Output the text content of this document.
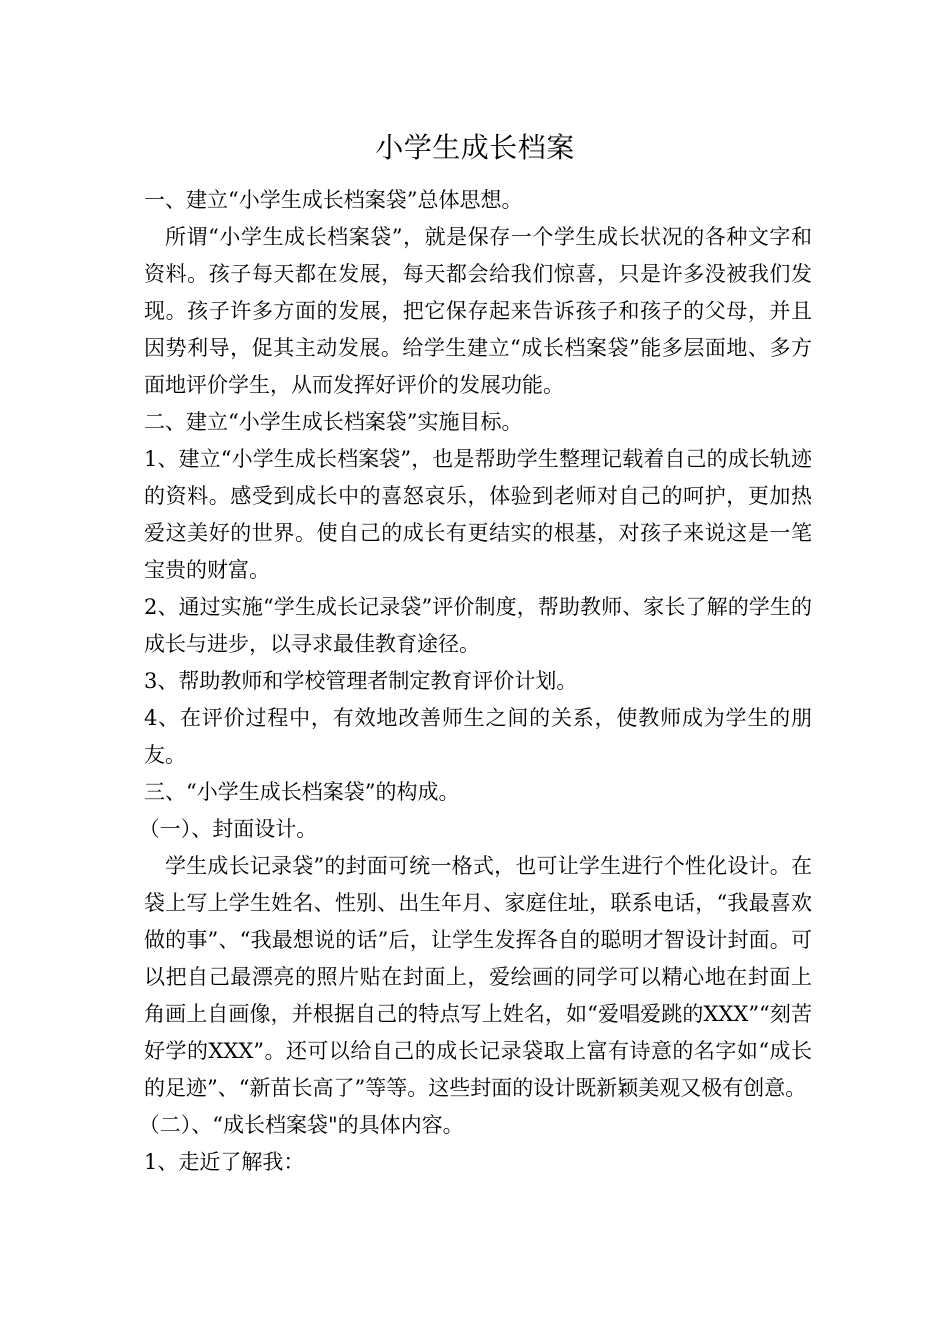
小学生成长档案

一、建立“小学生成长档案袋”总体思想。

所谓“小学生成长档案袋”，就是保存一个学生成长状况的各种文字和资料。孩子每天都在发展，每天都会给我们惊喜，只是许多没被我们发现。孩子许多方面的发展，把它保存起来告诉孩子和孩子的父母，并且因势利导，促其主动发展。给学生建立“成长档案袋”能多层面地、多方面地评价学生，从而发挥好评价的发展功能。

二、建立“小学生成长档案袋”实施目标。

1、建立“小学生成长档案袋”，也是帮助学生整理记载着自己的成长轨迹的资料。感受到成长中的喜怒哀乐，体验到老师对自己的呵护，更加热爱这美好的世界。使自己的成长有更结实的根基，对孩子来说这是一笔宝贵的财富。

2、通过实施“学生成长记录袋”评价制度，帮助教师、家长了解的学生的成长与进步，以寻求最佳教育途径。

3、帮助教师和学校管理者制定教育评价计划。

4、在评价过程中，有效地改善师生之间的关系，使教师成为学生的朋友。

三、“小学生成长档案袋”的构成。

（一）、封面设计。

学生成长记录袋”的封面可统一格式，也可让学生进行个性化设计。在袋上写上学生姓名、性别、出生年月、家庭住址，联系电话，“我最喜欢做的事”、“我最想说的话”后，让学生发挥各自的聪明才智设计封面。可以把自己最漂亮的照片贴在封面上，爱绘画的同学可以精心地在封面上角画上自画像，并根据自己的特点写上姓名，如“爱唱爱跳的XXX”“刻苦好学的XXX”。还可以给自己的成长记录袋取上富有诗意的名字如“成长的足迹”、“新苗长高了”等等。这些封面的设计既新颖美观又极有创意。

（二）、“成长档案袋"的具体内容。

1、走近了解我：
